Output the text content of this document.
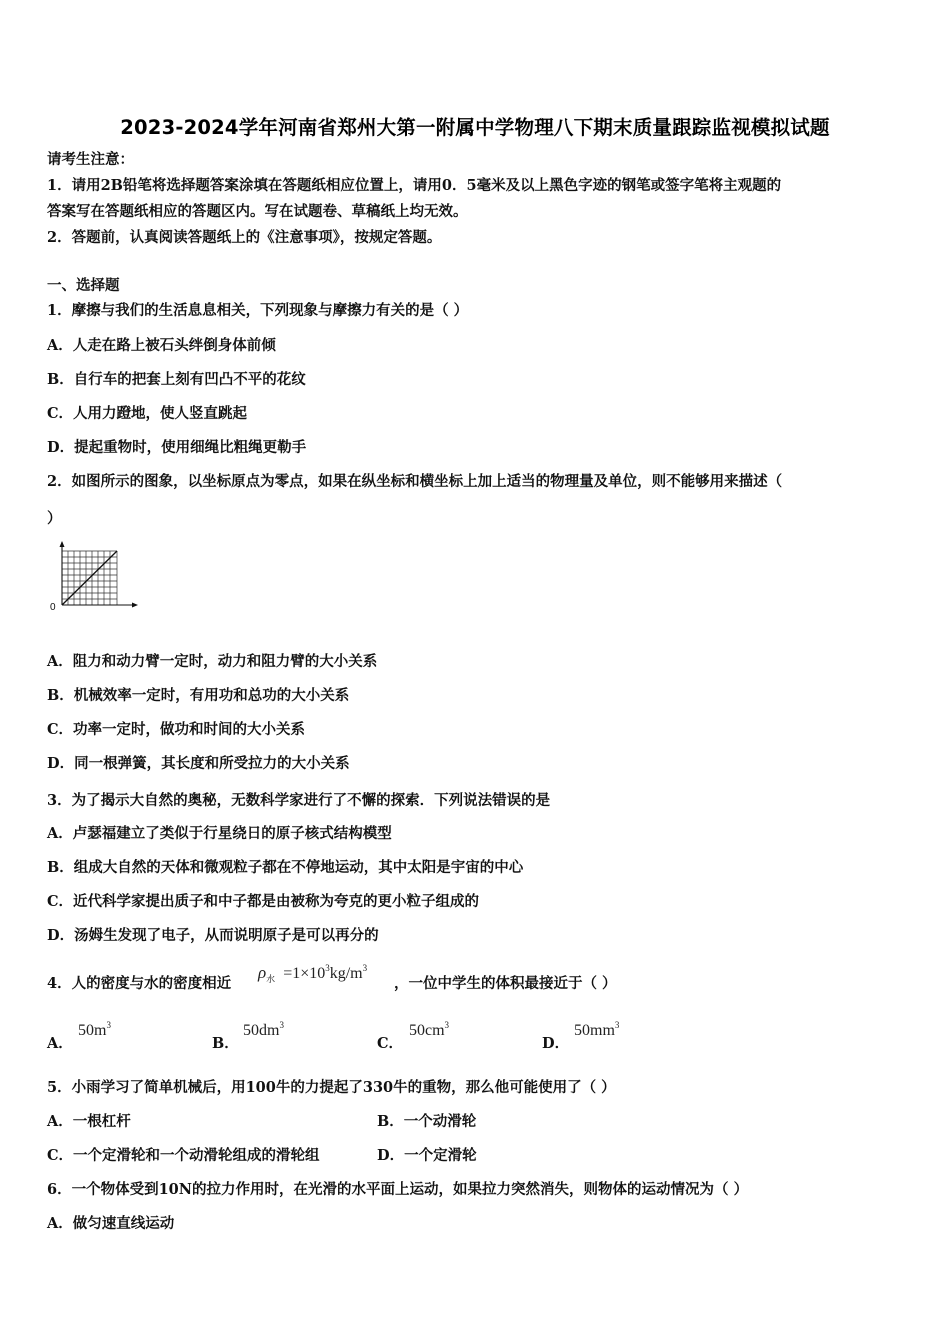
2023-2024学年河南省郑州大第一附属中学物理八下期末质量跟踪监视模拟试题
请考生注意：
1．请用2B铅笔将选择题答案涂填在答题纸相应位置上，请用0．5毫米及以上黑色字迹的钢笔或签字笔将主观题的
答案写在答题纸相应的答题区内。写在试题卷、草稿纸上均无效。
2．答题前，认真阅读答题纸上的《注意事项》，按规定答题。
一、选择题
1．摩擦与我们的生活息息相关，下列现象与摩擦力有关的是（ ）
A．人走在路上被石头绊倒身体前倾
B．自行车的把套上刻有凹凸不平的花纹
C．人用力蹬地，使人竖直跳起
D．提起重物时，使用细绳比粗绳更勒手
2．如图所示的图象，以坐标原点为零点，如果在纵坐标和横坐标上加上适当的物理量及单位，则不能够用来描述（
）
0
A．阻力和动力臂一定时，动力和阻力臂的大小关系
B．机械效率一定时，有用功和总功的大小关系
C．功率一定时，做功和时间的大小关系
D．同一根弹簧，其长度和所受拉力的大小关系
3．为了揭示大自然的奥秘，无数科学家进行了不懈的探索．下列说法错误的是
A．卢瑟福建立了类似于行星绕日的原子核式结构模型
B．组成大自然的天体和微观粒子都在不停地运动，其中太阳是宇宙的中心
C．近代科学家提出质子和中子都是由被称为夸克的更小粒子组成的
D．汤姆生发现了电子，从而说明原子是可以再分的
4．人的密度与水的密度相近
$\rho_水 =1\times 10^3kg/m^3$
，一位中学生的体积最接近于（ ）
A．
$50m^3$
B．
$50dm^3$
C．
$50cm^3$
D．
$50mm^3$
5．小雨学习了简单机械后，用100牛的力提起了330牛的重物，那么他可能使用了（ ）
A．一根杠杆	B．一个动滑轮
C．一个定滑轮和一个动滑轮组成的滑轮组	D．一个定滑轮
6．一个物体受到10N的拉力作用时，在光滑的水平面上运动，如果拉力突然消失，则物体的运动情况为（ ）
A．做匀速直线运动
